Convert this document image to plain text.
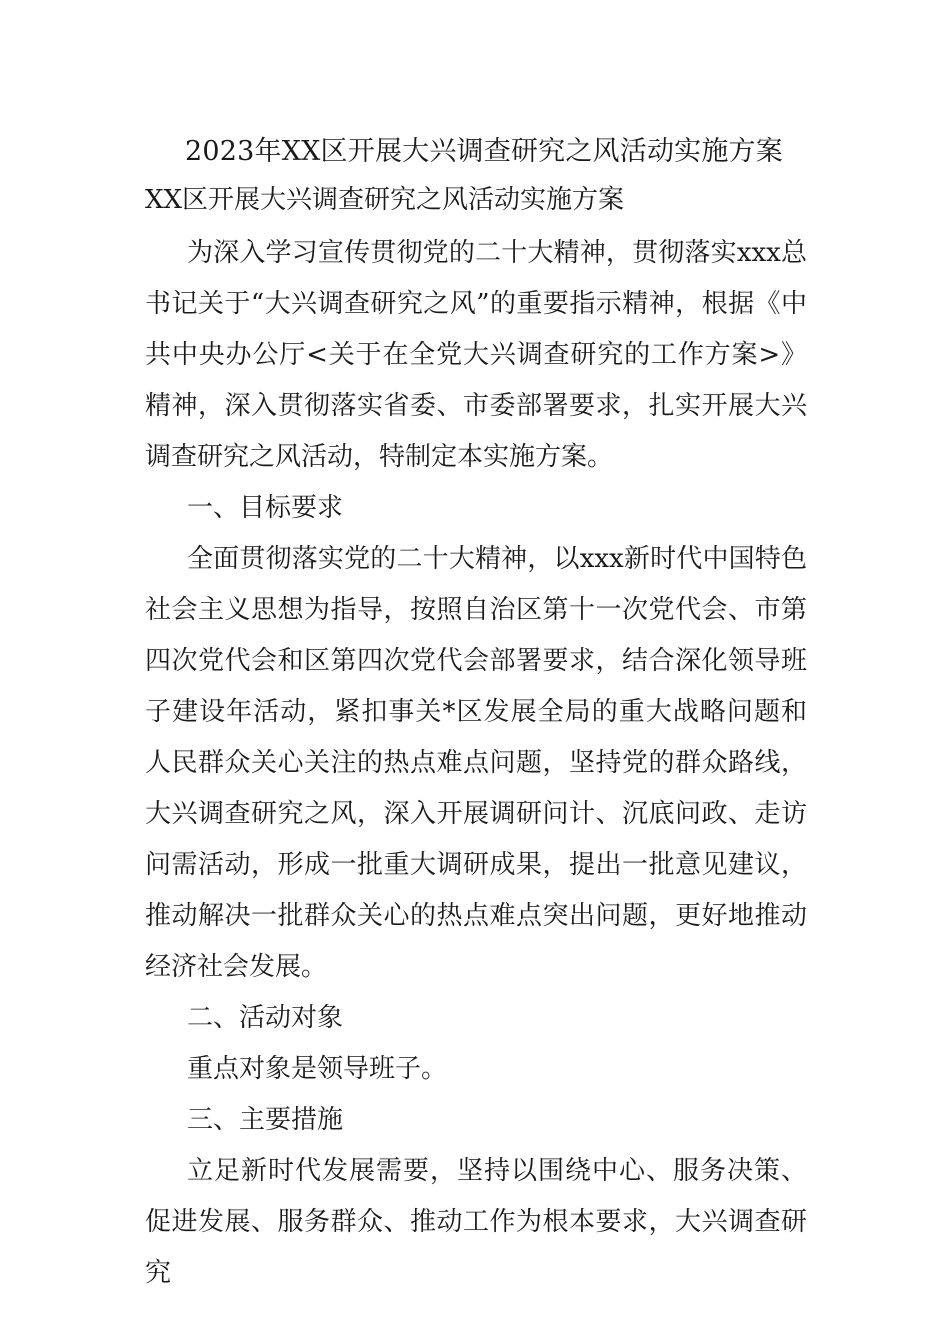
2023年XX区开展大兴调查研究之风活动实施方案
XX区开展大兴调查研究之风活动实施方案

为深入学习宣传贯彻党的二十大精神，贯彻落实xxx总书记关于“大兴调查研究之风”的重要指示精神，根据《中共中央办公厅<关于在全党大兴调查研究的工作方案>》精神，深入贯彻落实省委、市委部署要求，扎实开展大兴调查研究之风活动，特制定本实施方案。

一、目标要求

全面贯彻落实党的二十大精神，以xxx新时代中国特色社会主义思想为指导，按照自治区第十一次党代会、市第四次党代会和区第四次党代会部署要求，结合深化领导班子建设年活动，紧扣事关*区发展全局的重大战略问题和人民群众关心关注的热点难点问题，坚持党的群众路线，大兴调查研究之风，深入开展调研问计、沉底问政、走访问需活动，形成一批重大调研成果，提出一批意见建议，推动解决一批群众关心的热点难点突出问题，更好地推动经济社会发展。

二、活动对象

重点对象是领导班子。

三、主要措施

立足新时代发展需要，坚持以围绕中心、服务决策、促进发展、服务群众、推动工作为根本要求，大兴调查研究
